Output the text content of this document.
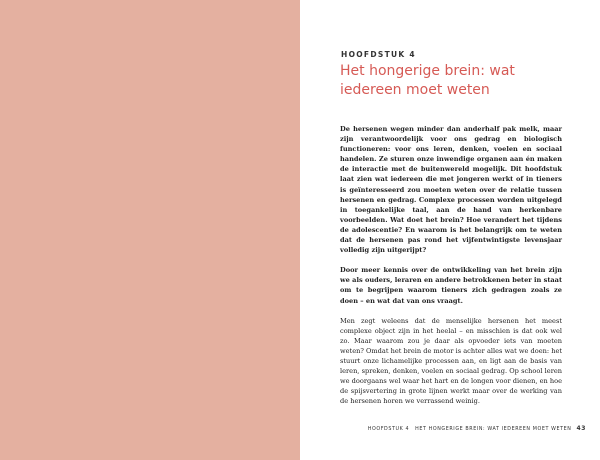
HOOFDSTUK 4
Het hongerige brein: wat iedereen moet weten

De hersenen wegen minder dan anderhalf pak melk, maar zijn verantwoordelijk voor ons gedrag en biologisch functioneren: voor ons leren, denken, voelen en sociaal handelen. Ze sturen onze inwendige organen aan én maken de interactie met de buitenwereld mogelijk. Dit hoofdstuk laat zien wat iedereen die met jongeren werkt of in tieners is geïnteresseerd zou moeten weten over de relatie tussen hersenen en gedrag. Complexe processen worden uitgelegd in toegankelijke taal, aan de hand van herkenbare voorbeelden. Wat doet het brein? Hoe verandert het tijdens de adolescentie? En waarom is het belangrijk om te weten dat de hersenen pas rond het vijfentwintigste levensjaar volledig zijn uitgerijpt?

Door meer kennis over de ontwikkeling van het brein zijn we als ouders, leraren en andere betrokkenen beter in staat om te begrijpen waarom tieners zich gedragen zoals ze doen – en wat dat van ons vraagt.

Men zegt weleens dat de menselijke hersenen het meest complexe object zijn in het heelal – en misschien is dat ook wel zo. Maar waarom zou je daar als opvoeder iets van moeten weten? Omdat het brein de motor is achter alles wat we doen: het stuurt onze lichamelijke processen aan, en ligt aan de basis van leren, spreken, denken, voelen en sociaal gedrag. Op school leren we doorgaans wel waar het hart en de longen voor dienen, en hoe de spijsvertering in grote lijnen werkt maar over de werking van de hersenen horen we verrassend weinig.

HOOFDSTUK 4 HET HONGERIGE BREIN: WAT IEDEREEN MOET WETEN 43
